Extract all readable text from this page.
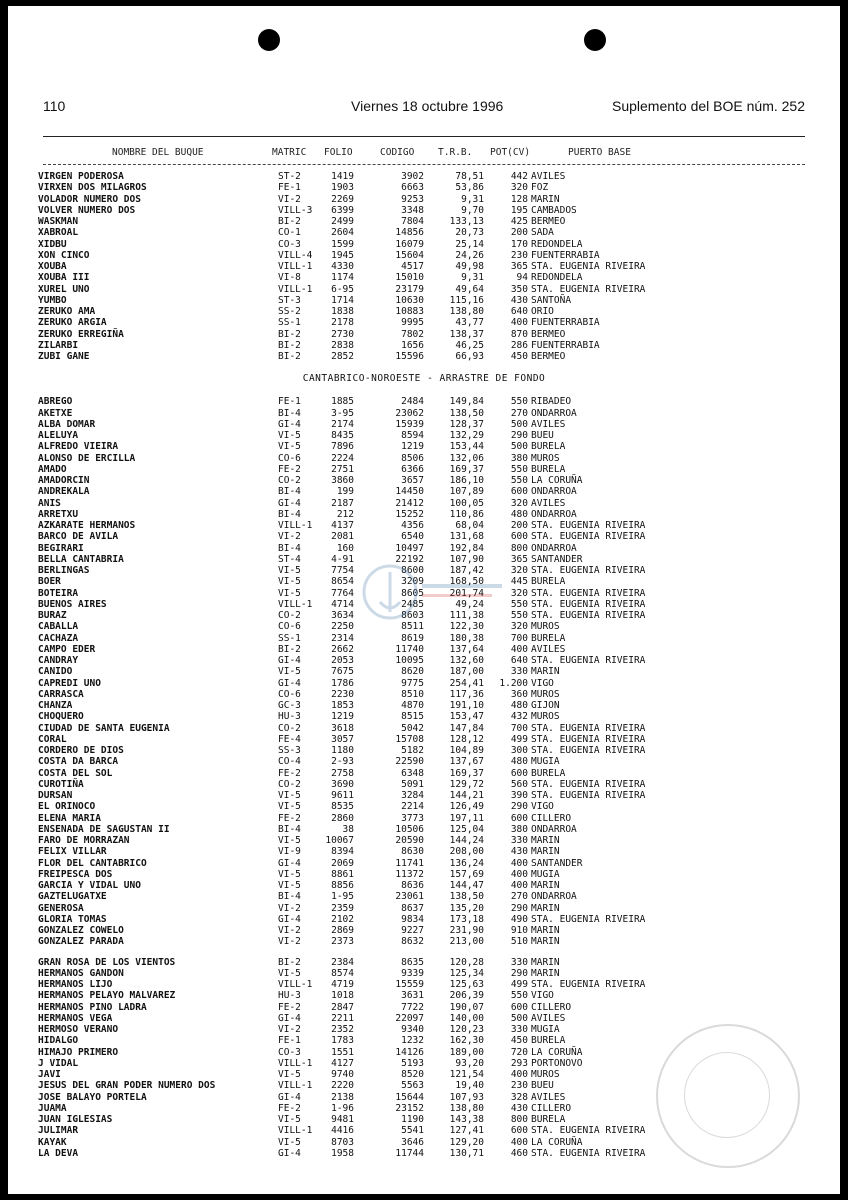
110	Viernes 18 octubre 1996	Suplemento del BOE núm. 252
NOMBRE DEL BUQUE	MATRIC FOLIO	CODIGO T.R.B. POT(CV)	PUERTO BASE
VIRGEN PODEROSA	ST-2	1419	3902	78,51	442 AVILES
VIRXEN DOS MILAGROS	FE-1	1903	6663	53,86	320 FOZ
VOLADOR NUMERO DOS	VI-2	2269	9253	9,31	128 MARIN
VOLVER NUMERO DOS	VILL-3	6399	3348	9,70	195 CAMBADOS
WASKMAN	BI-2	2499	7804	133,13	425 BERMEO
XABROAL	CO-1	2604	14856	20,73	200 SADA
XIDBU	CO-3	1599	16079	25,14	170 REDONDELA
XON CINCO	VILL-4	1945	15604	24,26	230 FUENTERRABIA
XOUBA	VILL-1	4330	4517	49,98	365 STA. EUGENIA RIVEIRA
XOUBA III	VI-8	1174	15010	9,31	94 REDONDELA
XUREL UNO	VILL-1	6-95	23179	49,64	350 STA. EUGENIA RIVEIRA
YUMBO	ST-3	1714	10630	115,16	430 SANTOÑA
ZERUKO AMA	SS-2	1838	10883	138,80	640 ORIO
ZERUKO ARGIA	SS-1	2178	9995	43,77	400 FUENTERRABIA
ZERUKO ERREGIÑA	BI-2	2730	7802	138,37	870 BERMEO
ZILARBI	BI-2	2838	1656	46,25	286 FUENTERRABIA
ZUBI GANE	BI-2	2852	15596	66,93	450 BERMEO
CANTABRICO-NOROESTE - ARRASTRE DE FONDO
ABREGO	FE-1	1885	2484	149,84	550 RIBADEO
AKETXE	BI-4	3-95	23062	138,50	270 ONDARROA
ALBA DOMAR	GI-4	2174	15939	128,37	500 AVILES
ALELUYA	VI-5	8435	8594	132,29	290 BUEU
ALFREDO VIEIRA	VI-5	7896	1219	153,44	500 BURELA
ALONSO DE ERCILLA	CO-6	2224	8506	132,06	380 MUROS
AMADO	FE-2	2751	6366	169,37	550 BURELA
AMADORCIN	CO-2	3860	3657	186,10	550 LA CORUÑA
ANDREKALA	BI-4	199	14450	107,89	600 ONDARROA
ANIS	GI-4	2187	21412	100,05	320 AVILES
ARRETXU	BI-4	212	15252	110,86	480 ONDARROA
AZKARATE HERMANOS	VILL-1	4137	4356	68,04	200 STA. EUGENIA RIVEIRA
BARCO DE AVILA	VI-2	2081	6540	131,68	600 STA. EUGENIA RIVEIRA
BEGIRARI	BI-4	160	10497	192,84	800 ONDARROA
BELLA CANTABRIA	ST-4	4-91	22192	107,90	365 SANTANDER
BERLINGAS	VI-5	7754	8600	187,42	320 STA. EUGENIA RIVEIRA
BOER	VI-5	8654	3209	168,50	445 BURELA
BOTEIRA	VI-5	7764	8605	201,74	320 STA. EUGENIA RIVEIRA
BUENOS AIRES	VILL-1	4714	2485	49,24	550 STA. EUGENIA RIVEIRA
BURAZ	CO-2	3634	8603	111,38	550 STA. EUGENIA RIVEIRA
CABALLA	CO-6	2250	8511	122,30	320 MUROS
CACHAZA	SS-1	2314	8619	180,38	700 BURELA
CAMPO EDER	BI-2	2662	11740	137,64	400 AVILES
CANDRAY	GI-4	2053	10095	132,60	640 STA. EUGENIA RIVEIRA
CANIDO	VI-5	7675	8620	187,00	330 MARIN
CAPREDI UNO	GI-4	1786	9775	254,41	1.200 VIGO
CARRASCA	CO-6	2230	8510	117,36	360 MUROS
CHANZA	GC-3	1853	4870	191,10	480 GIJON
CHOQUERO	HU-3	1219	8515	153,47	432 MUROS
CIUDAD DE SANTA EUGENIA	CO-2	3618	5042	147,84	700 STA. EUGENIA RIVEIRA
CORAL	FE-4	3057	15708	128,12	499 STA. EUGENIA RIVEIRA
CORDERO DE DIOS	SS-3	1180	5182	104,89	300 STA. EUGENIA RIVEIRA
COSTA DA BARCA	CO-4	2-93	22590	137,67	480 MUGIA
COSTA DEL SOL	FE-2	2758	6348	169,37	600 BURELA
CUROTIÑA	CO-2	3690	5091	129,72	560 STA. EUGENIA RIVEIRA
DURSAN	VI-5	9611	3284	144,21	390 STA. EUGENIA RIVEIRA
EL ORINOCO	VI-5	8535	2214	126,49	290 VIGO
ELENA MARIA	FE-2	2860	3773	197,11	600 CILLERO
ENSENADA DE SAGUSTAN II	BI-4	38	10506	125,04	380 ONDARROA
FARO DE MORRAZAN	VI-5	10067	20590	144,24	330 MARIN
FELIX VILLAR	VI-9	8394	8630	208,00	430 MARIN
FLOR DEL CANTABRICO	GI-4	2069	11741	136,24	400 SANTANDER
FREIPESCA DOS	VI-5	8861	11372	157,69	400 MUGIA
GARCIA Y VIDAL UNO	VI-5	8856	8636	144,47	400 MARIN
GAZTELUGATXE	BI-4	1-95	23061	138,50	270 ONDARROA
GENEROSA	VI-2	2359	8637	135,20	290 MARIN
GLORIA TOMAS	GI-4	2102	9834	173,18	490 STA. EUGENIA RIVEIRA
GONZALEZ COWELO	VI-2	2869	9227	231,90	910 MARIN
GONZALEZ PARADA	VI-2	2373	8632	213,00	510 MARIN
GRAN ROSA DE LOS VIENTOS	BI-2	2384	8635	120,28	330 MARIN
HERMANOS GANDON	VI-5	8574	9339	125,34	290 MARIN
HERMANOS LIJO	VILL-1	4719	15559	125,63	499 STA. EUGENIA RIVEIRA
HERMANOS PELAYO MALVAREZ	HU-3	1018	3631	206,39	550 VIGO
HERMANOS PINO LADRA	FE-2	2847	7722	190,07	600 CILLERO
HERMANOS VEGA	GI-4	2211	22097	140,00	500 AVILES
HERMOSO VERANO	VI-2	2352	9340	120,23	330 MUGIA
HIDALGO	FE-1	1783	1232	162,30	450 BURELA
HIMAJO PRIMERO	CO-3	1551	14126	189,00	720 LA CORUÑA
J VIDAL	VILL-1	4127	5193	93,20	293 PORTONOVO
JAVI	VI-5	9740	8520	121,54	400 MUROS
JESUS DEL GRAN PODER NUMERO DOS	VILL-1	2220	5563	19,40	230 BUEU
JOSE BALAYO PORTELA	GI-4	2138	15644	107,93	328 AVILES
JUAMA	FE-2	1-96	23152	138,80	430 CILLERO
JUAN IGLESIAS	VI-5	9481	1190	143,38	800 BURELA
JULIMAR	VILL-1	4416	5541	127,41	600 STA. EUGENIA RIVEIRA
KAYAK	VI-5	8703	3646	129,20	400 LA CORUÑA
LA DEVA	GI-4	1958	11744	130,71	460 STA. EUGENIA RIVEIRA
